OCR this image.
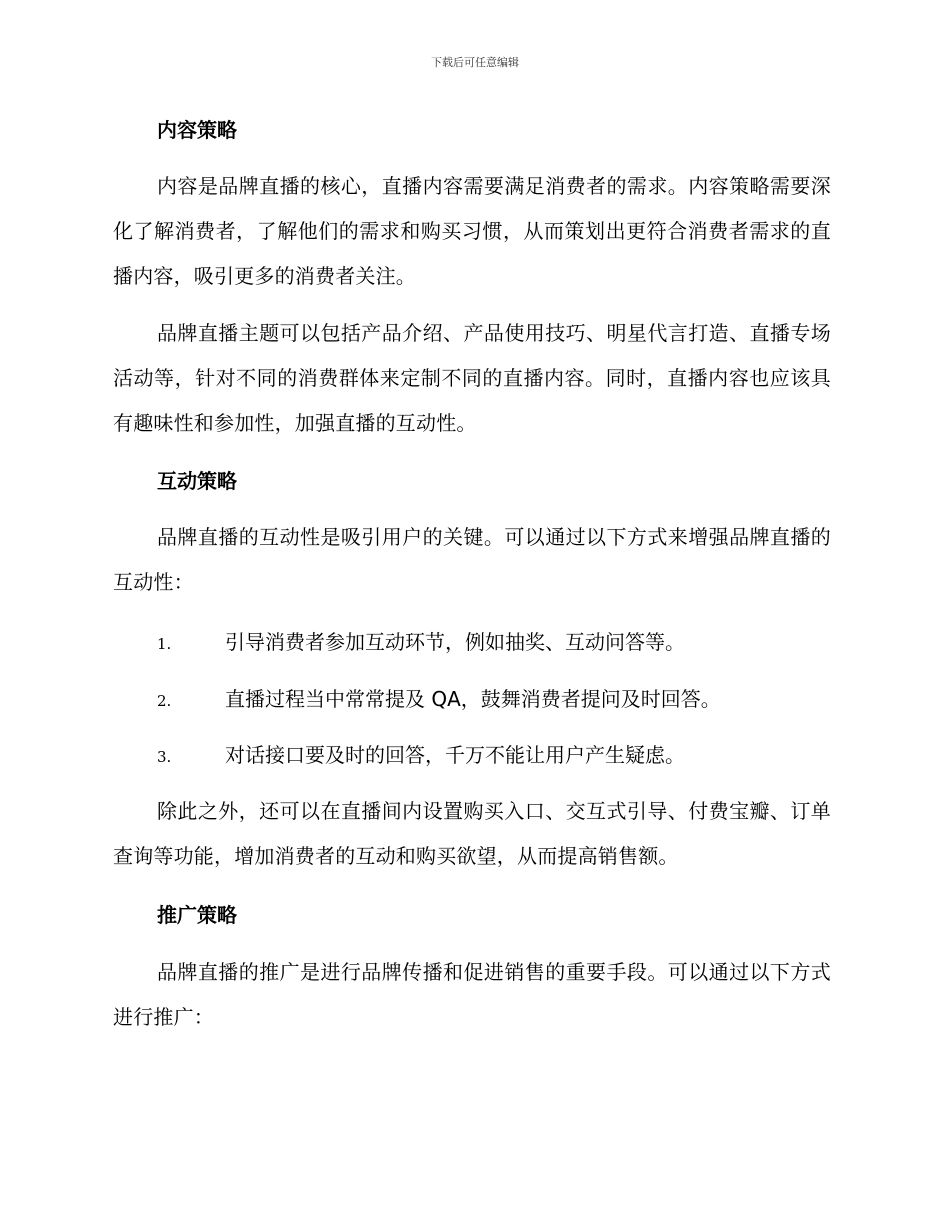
下载后可任意编辑
内容策略
内容是品牌直播的核心，直播内容需要满足消费者的需求。内容策略需要深化了解消费者，了解他们的需求和购买习惯，从而策划出更符合消费者需求的直播内容，吸引更多的消费者关注。
品牌直播主题可以包括产品介绍、产品使用技巧、明星代言打造、直播专场活动等，针对不同的消费群体来定制不同的直播内容。同时，直播内容也应该具有趣味性和参加性，加强直播的互动性。
互动策略
品牌直播的互动性是吸引用户的关键。可以通过以下方式来增强品牌直播的互动性：
1.	引导消费者参加互动环节，例如抽奖、互动问答等。
2.	直播过程当中常常提及 QA，鼓舞消费者提问及时回答。
3.	对话接口要及时的回答，千万不能让用户产生疑虑。
除此之外，还可以在直播间内设置购买入口、交互式引导、付费宝瓣、订单查询等功能，增加消费者的互动和购买欲望，从而提高销售额。
推广策略
品牌直播的推广是进行品牌传播和促进销售的重要手段。可以通过以下方式进行推广：
